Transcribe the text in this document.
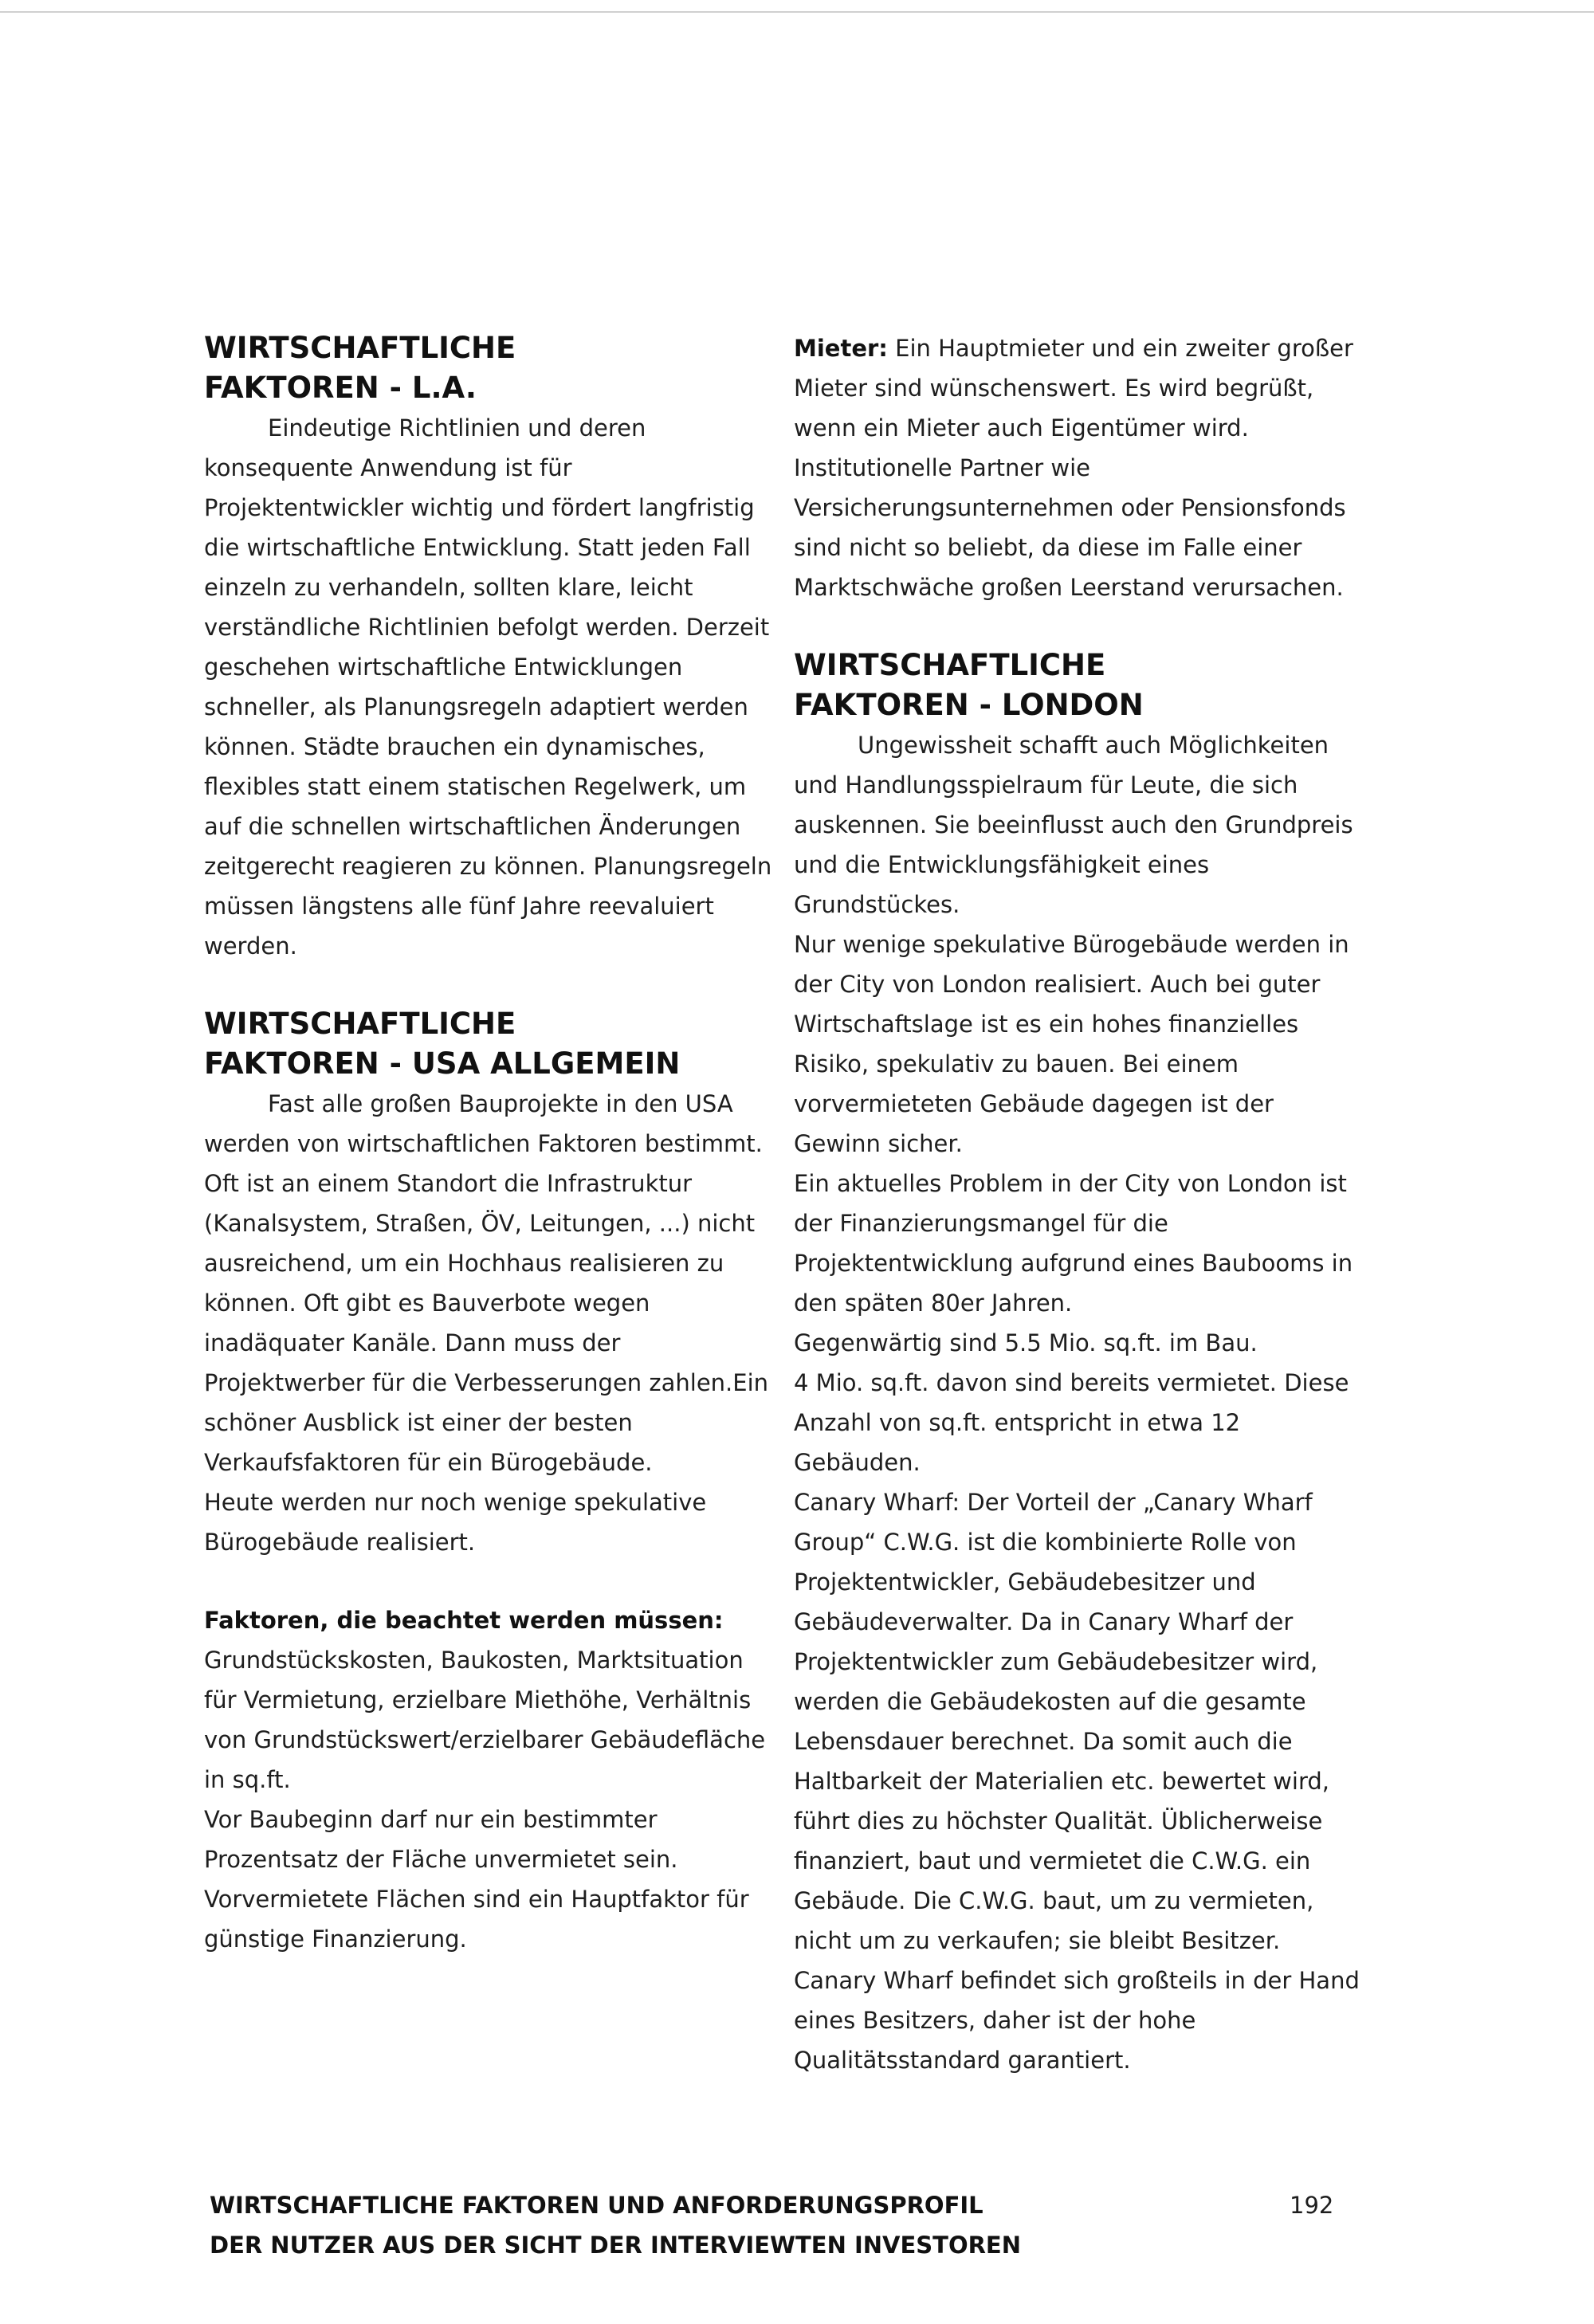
WIRTSCHAFTLICHE
FAKTOREN - L.A.

Eindeutige Richtlinien und deren konsequente Anwendung ist für Projektentwickler wichtig und fördert langfristig die wirtschaftliche Entwicklung. Statt jeden Fall einzeln zu verhandeln, sollten klare, leicht verständliche Richtlinien befolgt werden. Derzeit geschehen wirtschaftliche Entwicklungen schneller, als Planungsregeln adaptiert werden können. Städte brauchen ein dynamisches, flexibles statt einem statischen Regelwerk, um auf die schnellen wirtschaftlichen Änderungen zeitgerecht reagieren zu können. Planungsregeln müssen längstens alle fünf Jahre reevaluiert werden.

WIRTSCHAFTLICHE
FAKTOREN - USA ALLGEMEIN

Fast alle großen Bauprojekte in den USA werden von wirtschaftlichen Faktoren bestimmt. Oft ist an einem Standort die Infrastruktur (Kanalsystem, Straßen, ÖV, Leitungen, ...) nicht ausreichend, um ein Hochhaus realisieren zu können. Oft gibt es Bauverbote wegen inadäquater Kanäle. Dann muss der Projektwerber für die Verbesserungen zahlen.Ein schöner Ausblick ist einer der besten Verkaufsfaktoren für ein Bürogebäude.

Heute werden nur noch wenige spekulative Bürogebäude realisiert.

Faktoren, die beachtet werden müssen:

Grundstückskosten, Baukosten, Marktsituation für Vermietung, erzielbare Miethöhe, Verhältnis von Grundstückswert/erzielbarer Gebäudefläche in sq.ft.

Vor Baubeginn darf nur ein bestimmter Prozentsatz der Fläche unvermietet sein.

Vorvermietete Flächen sind ein Hauptfaktor für günstige Finanzierung.

Mieter: Ein Hauptmieter und ein zweiter großer Mieter sind wünschenswert. Es wird begrüßt, wenn ein Mieter auch Eigentümer wird. Institutionelle Partner wie Versicherungsunternehmen oder Pensionsfonds sind nicht so beliebt, da diese im Falle einer Marktschwäche großen Leerstand verursachen.

WIRTSCHAFTLICHE
FAKTOREN - LONDON

Ungewissheit schafft auch Möglichkeiten und Handlungsspielraum für Leute, die sich auskennen. Sie beeinflusst auch den Grundpreis und die Entwicklungsfähigkeit eines Grundstückes.

Nur wenige spekulative Bürogebäude werden in der City von London realisiert. Auch bei guter Wirtschaftslage ist es ein hohes finanzielles Risiko, spekulativ zu bauen. Bei einem vorvermieteten Gebäude dagegen ist der Gewinn sicher.

Ein aktuelles Problem in der City von London ist der Finanzierungsmangel für die Projektentwicklung aufgrund eines Baubooms in den späten 80er Jahren.

Gegenwärtig sind 5.5 Mio. sq.ft. im Bau.

4 Mio. sq.ft. davon sind bereits vermietet. Diese Anzahl von sq.ft. entspricht in etwa 12 Gebäuden.

Canary Wharf: Der Vorteil der „Canary Wharf Group“ C.W.G. ist die kombinierte Rolle von Projektentwickler, Gebäudebesitzer und Gebäudeverwalter. Da in Canary Wharf der Projektentwickler zum Gebäudebesitzer wird, werden die Gebäudekosten auf die gesamte Lebensdauer berechnet. Da somit auch die Haltbarkeit der Materialien etc. bewertet wird, führt dies zu höchster Qualität. Üblicherweise finanziert, baut und vermietet die C.W.G. ein Gebäude. Die C.W.G. baut, um zu vermieten, nicht um zu verkaufen; sie bleibt Besitzer. Canary Wharf befindet sich großteils in der Hand eines Besitzers, daher ist der hohe Qualitätsstandard garantiert.

WIRTSCHAFTLICHE FAKTOREN UND ANFORDERUNGSPROFIL
DER NUTZER AUS DER SICHT DER INTERVIEWTEN INVESTOREN
192
